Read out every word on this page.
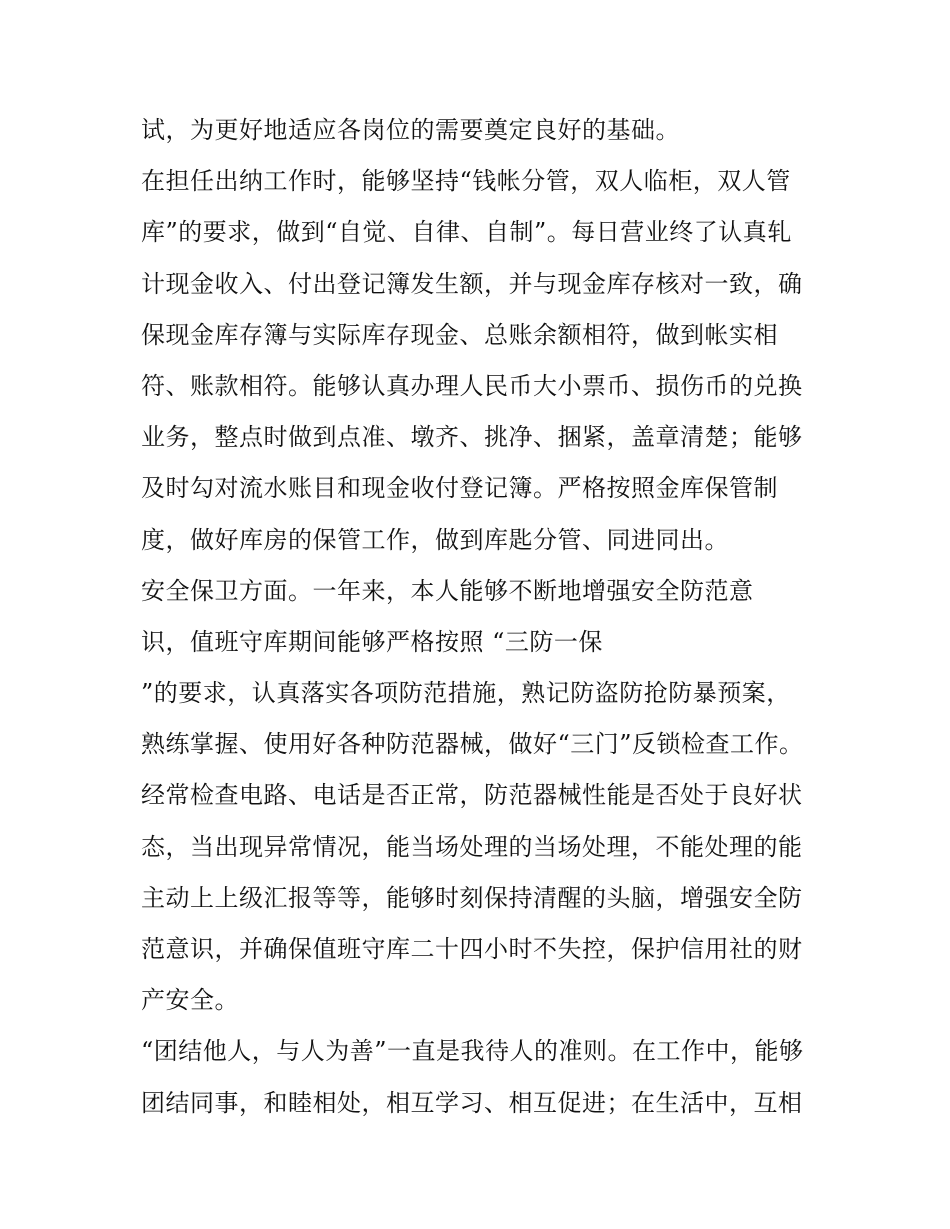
试，为更好地适应各岗位的需要奠定良好的基础。
在担任出纳工作时，能够坚持“钱帐分管，双人临柜，双人管
库”的要求，做到“自觉、自律、自制”。每日营业终了认真轧
计现金收入、付出登记簿发生额，并与现金库存核对一致，确
保现金库存簿与实际库存现金、总账余额相符，做到帐实相
符、账款相符。能够认真办理人民币大小票币、损伤币的兑换
业务，整点时做到点准、墩齐、挑净、捆紧，盖章清楚；能够
及时勾对流水账目和现金收付登记簿。严格按照金库保管制
度，做好库房的保管工作，做到库匙分管、同进同出。
安全保卫方面。一年来，本人能够不断地增强安全防范意
识，值班守库期间能够严格按照 “三防一保
”的要求，认真落实各项防范措施，熟记防盗防抢防暴预案，
熟练掌握、使用好各种防范器械，做好“三门”反锁检查工作。
经常检查电路、电话是否正常，防范器械性能是否处于良好状
态，当出现异常情况，能当场处理的当场处理，不能处理的能
主动上上级汇报等等，能够时刻保持清醒的头脑，增强安全防
范意识，并确保值班守库二十四小时不失控，保护信用社的财
产安全。
“团结他人，与人为善”一直是我待人的准则。在工作中，能够
团结同事，和睦相处，相互学习、相互促进；在生活中，互相
